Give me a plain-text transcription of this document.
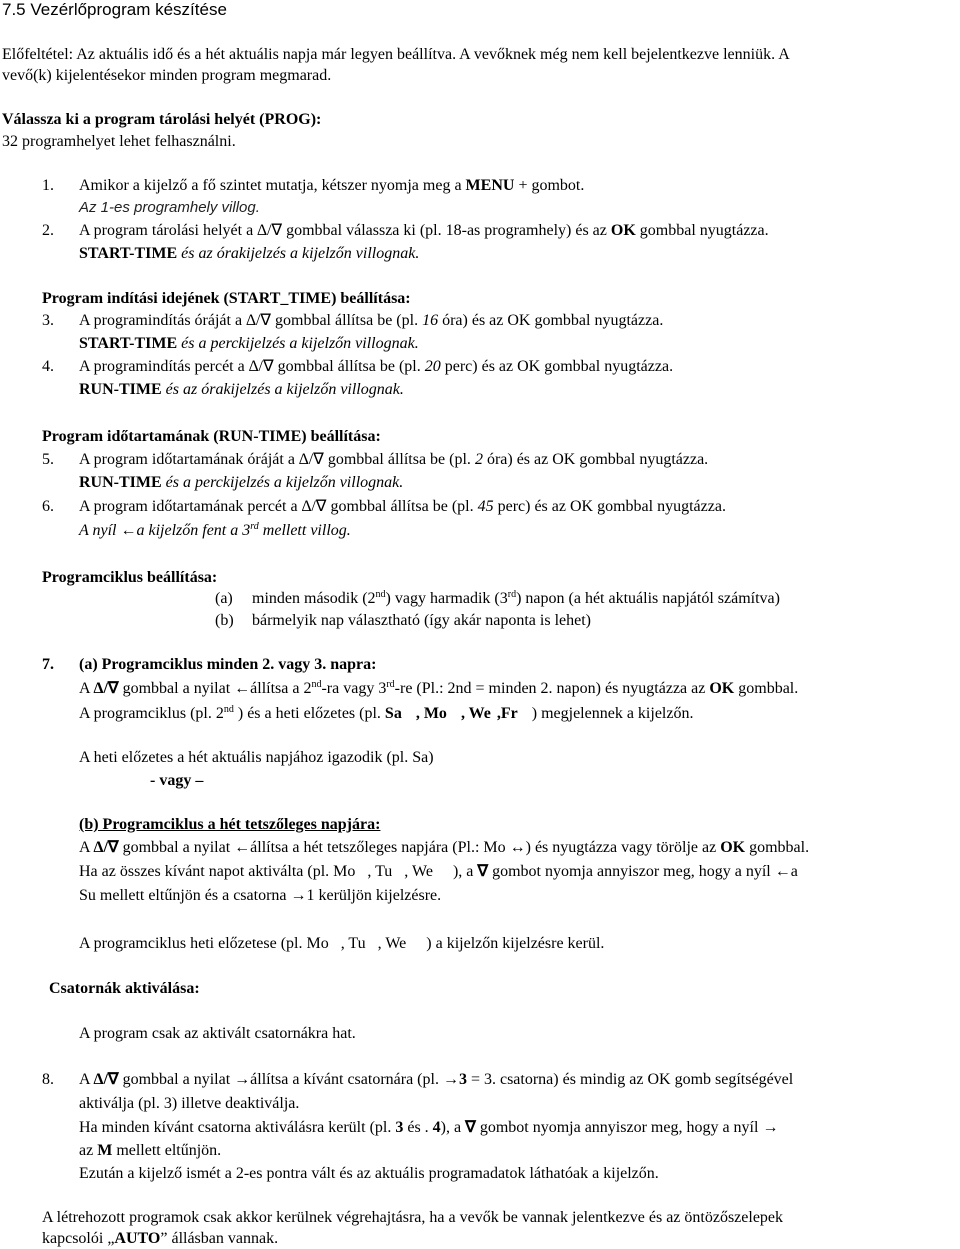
7.5 Vezérlőprogram készítése
Előfeltétel: Az aktuális idő és a hét aktuális napja már legyen beállítva. A vevőknek még nem kell bejelentkezve lenniük. A
vevő(k) kijelentésekor minden program megmarad.
Válassza ki a program tárolási helyét (PROG):
32 programhelyet lehet felhasználni.
1. Amikor a kijelző a fő szintet mutatja, kétszer nyomja meg a MENU + gombot.
Az 1-es programhely villog.
2. A program tárolási helyét a ∆/∇ gombbal válassza ki (pl. 18-as programhely) és az OK gombbal nyugtázza.
START-TIME és az órakijelzés a kijelzőn villognak.
Program indítási idejének (START_TIME) beállítása:
3. A programindítás óráját a ∆/∇ gombbal állítsa be (pl. 16 óra) és az OK gombbal nyugtázza.
START-TIME és a perckijelzés a kijelzőn villognak.
4. A programindítás percét a ∆/∇ gombbal állítsa be (pl. 20 perc) és az OK gombbal nyugtázza.
RUN-TIME és az órakijelzés a kijelzőn villognak.
Program időtartamának (RUN-TIME) beállítása:
5. A program időtartamának óráját a ∆/∇ gombbal állítsa be (pl. 2 óra) és az OK gombbal nyugtázza.
RUN-TIME és a perckijelzés a kijelzőn villognak.
6. A program időtartamának percét a ∆/∇ gombbal állítsa be (pl. 45 perc) és az OK gombbal nyugtázza.
A nyíl ←a kijelzőn fent a 3rd mellett villog.
Programciklus beállítása:
(a) minden második (2nd) vagy harmadik (3rd) napon (a hét aktuális napjától számítva)
(b) bármelyik nap választható (így akár naponta is lehet)
7. (a) Programciklus minden 2. vagy 3. napra:
A ∆/∇ gombbal a nyilat ←állítsa a 2nd-ra vagy 3rd-re (Pl.: 2nd = minden 2. napon) és nyugtázza az OK gombbal.
A programciklus (pl. 2nd ) és a heti előzetes (pl. Sa , Mo , We ,Fr ) megjelennek a kijelzőn.
A heti előzetes a hét aktuális napjához igazodik (pl. Sa)
- vagy –
(b) Programciklus a hét tetszőleges napjára:
A ∆/∇ gombbal a nyilat ←állítsa a hét tetszőleges napjára (Pl.: Mo ↔) és nyugtázza vagy törölje az OK gombbal.
Ha az összes kívánt napot aktiválta (pl. Mo , Tu , We ), a ∇ gombot nyomja annyiszor meg, hogy a nyíl ←a
Su mellett eltűnjön és a csatorna →1 kerüljön kijelzésre.
A programciklus heti előzetese (pl. Mo , Tu , We ) a kijelzőn kijelzésre kerül.
Csatornák aktiválása:
A program csak az aktivált csatornákra hat.
8. A ∆/∇ gombbal a nyilat →állítsa a kívánt csatornára (pl. →3 = 3. csatorna) és mindig az OK gomb segítségével
aktiválja (pl. 3) illetve deaktiválja.
Ha minden kívánt csatorna aktiválásra került (pl. 3 és . 4), a ∇ gombot nyomja annyiszor meg, hogy a nyíl →
az M mellett eltűnjön.
Ezután a kijelző ismét a 2-es pontra vált és az aktuális programadatok láthatóak a kijelzőn.
A létrehozott programok csak akkor kerülnek végrehajtásra, ha a vevők be vannak jelentkezve és az öntözőszelepek
kapcsolói „AUTO” állásban vannak.
